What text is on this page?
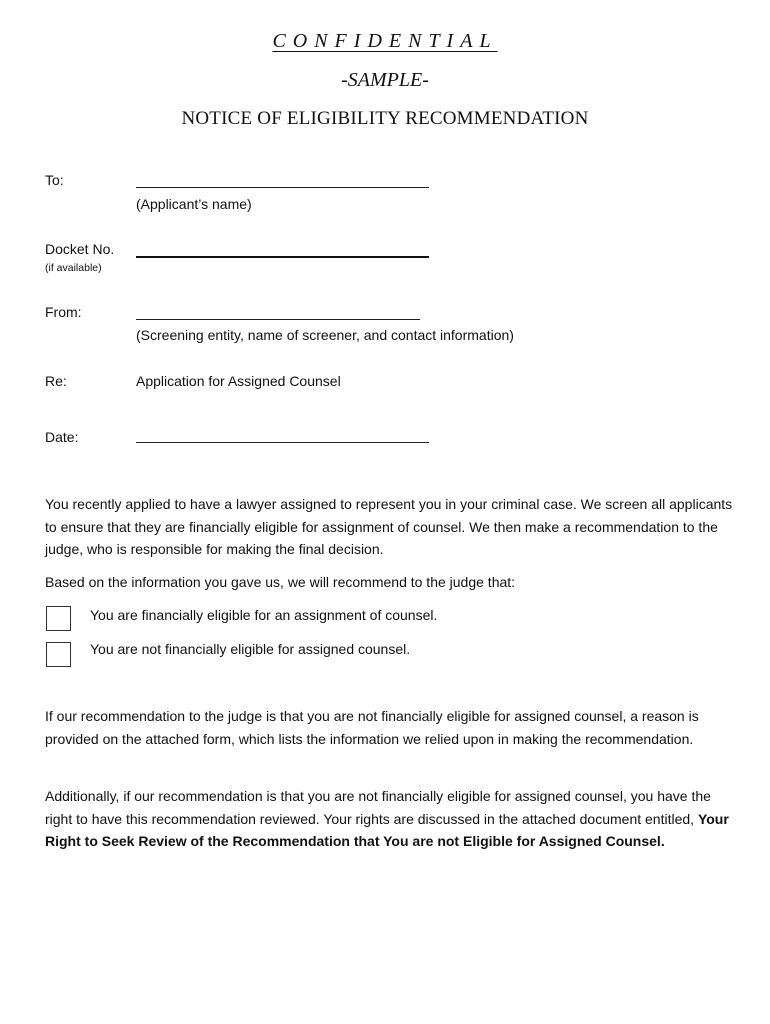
CONFIDENTIAL
-SAMPLE-
NOTICE OF ELIGIBILITY RECOMMENDATION
To:
(Applicant’s name)
Docket No.
(if available)
From:
(Screening entity, name of screener, and contact information)
Re:	Application for Assigned Counsel
Date:
You recently applied to have a lawyer assigned to represent you in your criminal case. We screen all applicants to ensure that they are financially eligible for assignment of counsel. We then make a recommendation to the judge, who is responsible for making the final decision.
Based on the information you gave us, we will recommend to the judge that:
You are financially eligible for an assignment of counsel.
You are not financially eligible for assigned counsel.
If our recommendation to the judge is that you are not financially eligible for assigned counsel, a reason is provided on the attached form, which lists the information we relied upon in making the recommendation.
Additionally, if our recommendation is that you are not financially eligible for assigned counsel, you have the right to have this recommendation reviewed. Your rights are discussed in the attached document entitled, Your Right to Seek Review of the Recommendation that You are not Eligible for Assigned Counsel.
